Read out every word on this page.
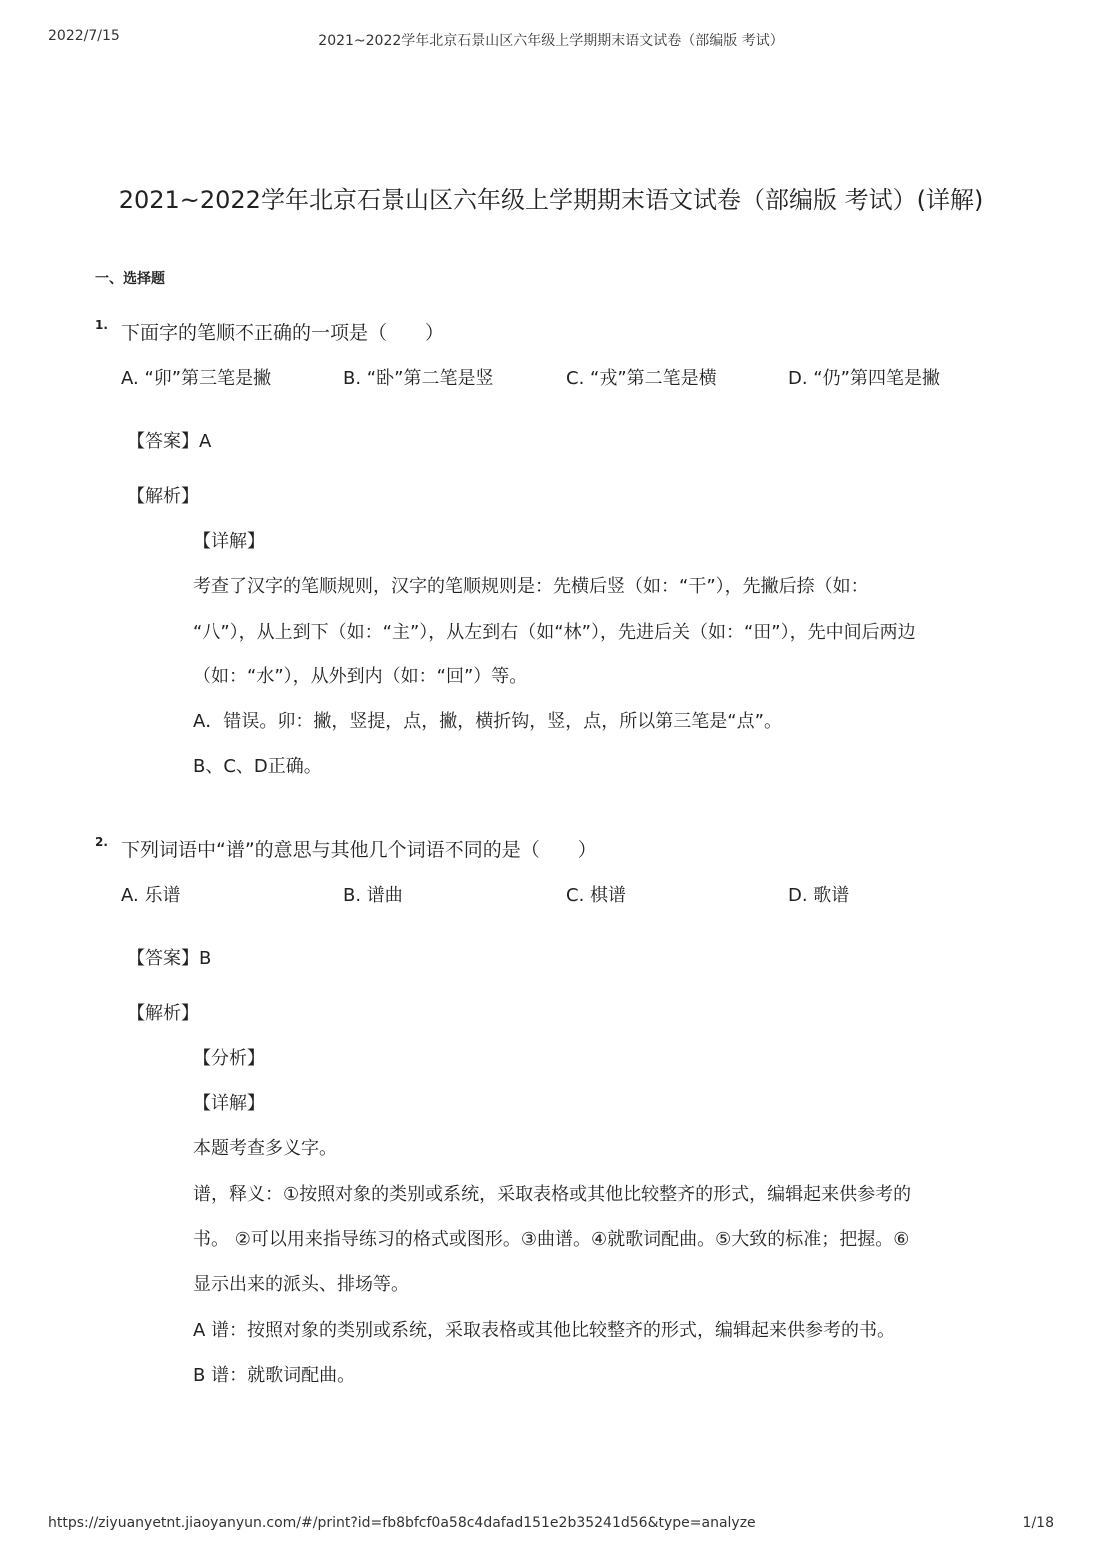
2022/7/15	2021~2022学年北京石景山区六年级上学期期末语文试卷（部编版 考试）
2021~2022学年北京石景山区六年级上学期期末语文试卷（部编版 考试）(详解)
一、选择题
1. 下面字的笔顺不正确的一项是（　　）
A. “卯”第三笔是撇	B. “卧”第二笔是竖	C. “戎”第二笔是横	D. “仍”第四笔是撇
【答案】A
【解析】
【详解】
考查了汉字的笔顺规则，汉字的笔顺规则是：先横后竖（如：“干”），先撇后捺（如：
“八”），从上到下（如：“主”），从左到右（如“林”），先进后关（如：“田”），先中间后两边
（如：“水”），从外到内（如：“回”）等。
A．错误。卯：撇，竖提，点，撇，横折钩，竖，点，所以第三笔是“点”。
B、C、D正确。
2. 下列词语中“谱”的意思与其他几个词语不同的是（　　）
A. 乐谱	B. 谱曲	C. 棋谱	D. 歌谱
【答案】B
【解析】
【分析】
【详解】
本题考查多义字。
谱，释义：①按照对象的类别或系统，采取表格或其他比较整齐的形式，编辑起来供参考的
书。 ②可以用来指导练习的格式或图形。③曲谱。④就歌词配曲。⑤大致的标准；把握。⑥
显示出来的派头、排场等。
A 谱：按照对象的类别或系统，采取表格或其他比较整齐的形式，编辑起来供参考的书。
B 谱：就歌词配曲。
https://ziyuanyetnt.jiaoyanyun.com/#/print?id=fb8bfcf0a58c4dafad151e2b35241d56&type=analyze	1/18
